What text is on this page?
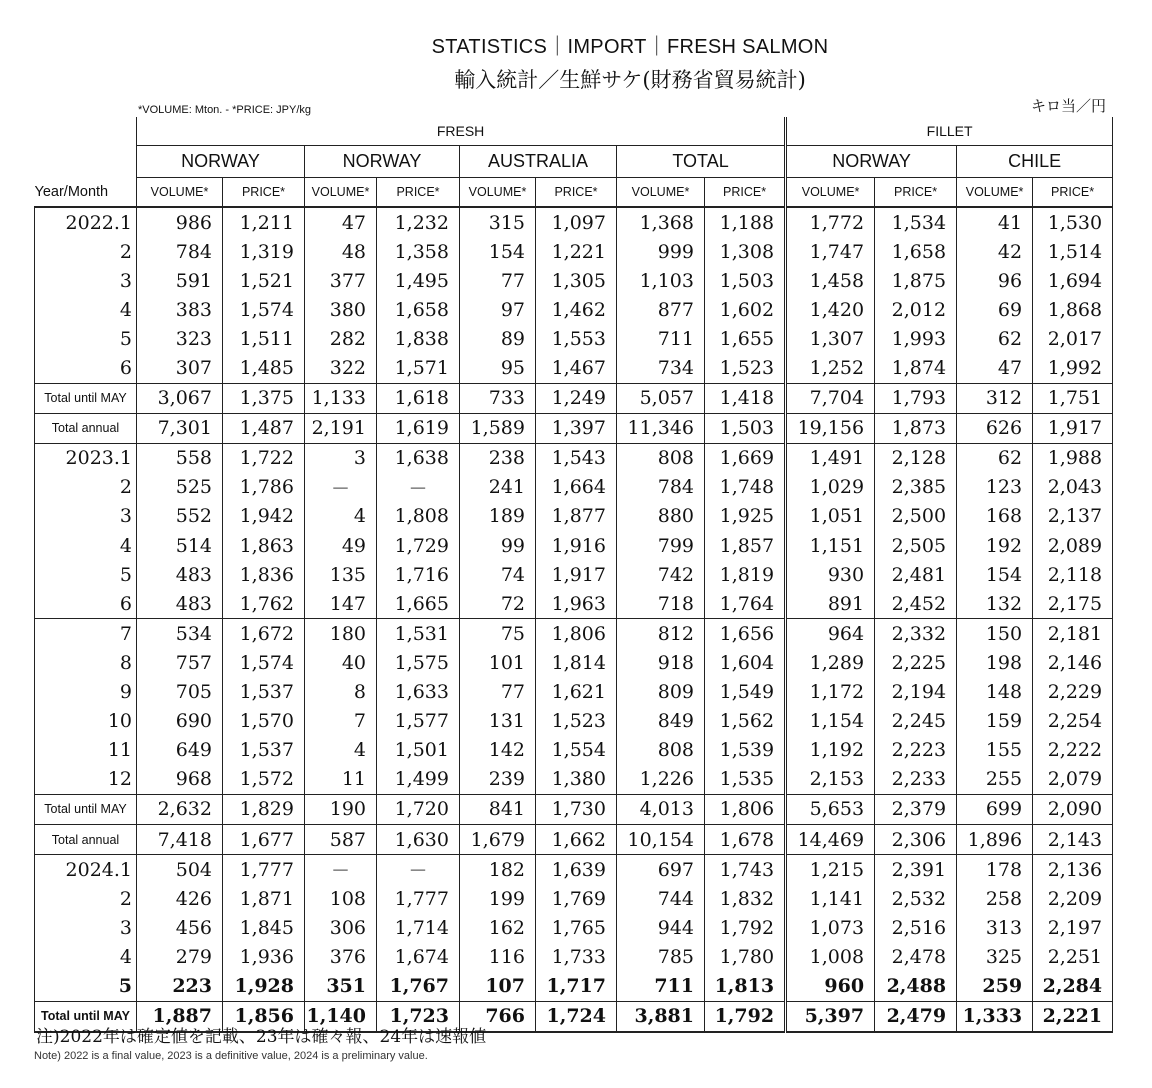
STATISTICS｜IMPORT｜FRESH SALMON
輸入統計／生鮮サケ(財務省貿易統計)
*VOLUME: Mton. - *PRICE: JPY/kg	キロ当／円
	FRESH								FILLET			
	NORWAY		NORWAY		AUSTRALIA		TOTAL		NORWAY		CHILE	
Year/Month	VOLUME*	PRICE*	VOLUME*	PRICE*	VOLUME*	PRICE*	VOLUME*	PRICE*	VOLUME*	PRICE*	VOLUME*	PRICE*
2022.1	986	1,211	47	1,232	315	1,097	1,368	1,188	1,772	1,534	41	1,530
2	784	1,319	48	1,358	154	1,221	999	1,308	1,747	1,658	42	1,514
3	591	1,521	377	1,495	77	1,305	1,103	1,503	1,458	1,875	96	1,694
4	383	1,574	380	1,658	97	1,462	877	1,602	1,420	2,012	69	1,868
5	323	1,511	282	1,838	89	1,553	711	1,655	1,307	1,993	62	2,017
6	307	1,485	322	1,571	95	1,467	734	1,523	1,252	1,874	47	1,992
Total until MAY	3,067	1,375	1,133	1,618	733	1,249	5,057	1,418	7,704	1,793	312	1,751
Total annual	7,301	1,487	2,191	1,619	1,589	1,397	11,346	1,503	19,156	1,873	626	1,917
2023.1	558	1,722	3	1,638	238	1,543	808	1,669	1,491	2,128	62	1,988
2	525	1,786	－	－	241	1,664	784	1,748	1,029	2,385	123	2,043
3	552	1,942	4	1,808	189	1,877	880	1,925	1,051	2,500	168	2,137
4	514	1,863	49	1,729	99	1,916	799	1,857	1,151	2,505	192	2,089
5	483	1,836	135	1,716	74	1,917	742	1,819	930	2,481	154	2,118
6	483	1,762	147	1,665	72	1,963	718	1,764	891	2,452	132	2,175
7	534	1,672	180	1,531	75	1,806	812	1,656	964	2,332	150	2,181
8	757	1,574	40	1,575	101	1,814	918	1,604	1,289	2,225	198	2,146
9	705	1,537	8	1,633	77	1,621	809	1,549	1,172	2,194	148	2,229
10	690	1,570	7	1,577	131	1,523	849	1,562	1,154	2,245	159	2,254
11	649	1,537	4	1,501	142	1,554	808	1,539	1,192	2,223	155	2,222
12	968	1,572	11	1,499	239	1,380	1,226	1,535	2,153	2,233	255	2,079
Total until MAY	2,632	1,829	190	1,720	841	1,730	4,013	1,806	5,653	2,379	699	2,090
Total annual	7,418	1,677	587	1,630	1,679	1,662	10,154	1,678	14,469	2,306	1,896	2,143
2024.1	504	1,777	－	－	182	1,639	697	1,743	1,215	2,391	178	2,136
2	426	1,871	108	1,777	199	1,769	744	1,832	1,141	2,532	258	2,209
3	456	1,845	306	1,714	162	1,765	944	1,792	1,073	2,516	313	2,197
4	279	1,936	376	1,674	116	1,733	785	1,780	1,008	2,478	325	2,251
5	223	1,928	351	1,767	107	1,717	711	1,813	960	2,488	259	2,284
Total until MAY	1,887	1,856	1,140	1,723	766	1,724	3,881	1,792	5,397	2,479	1,333	2,221
注)2022年は確定値を記載、23年は確々報、24年は速報値
Note) 2022 is a final value, 2023 is a definitive value, 2024 is a preliminary value.
